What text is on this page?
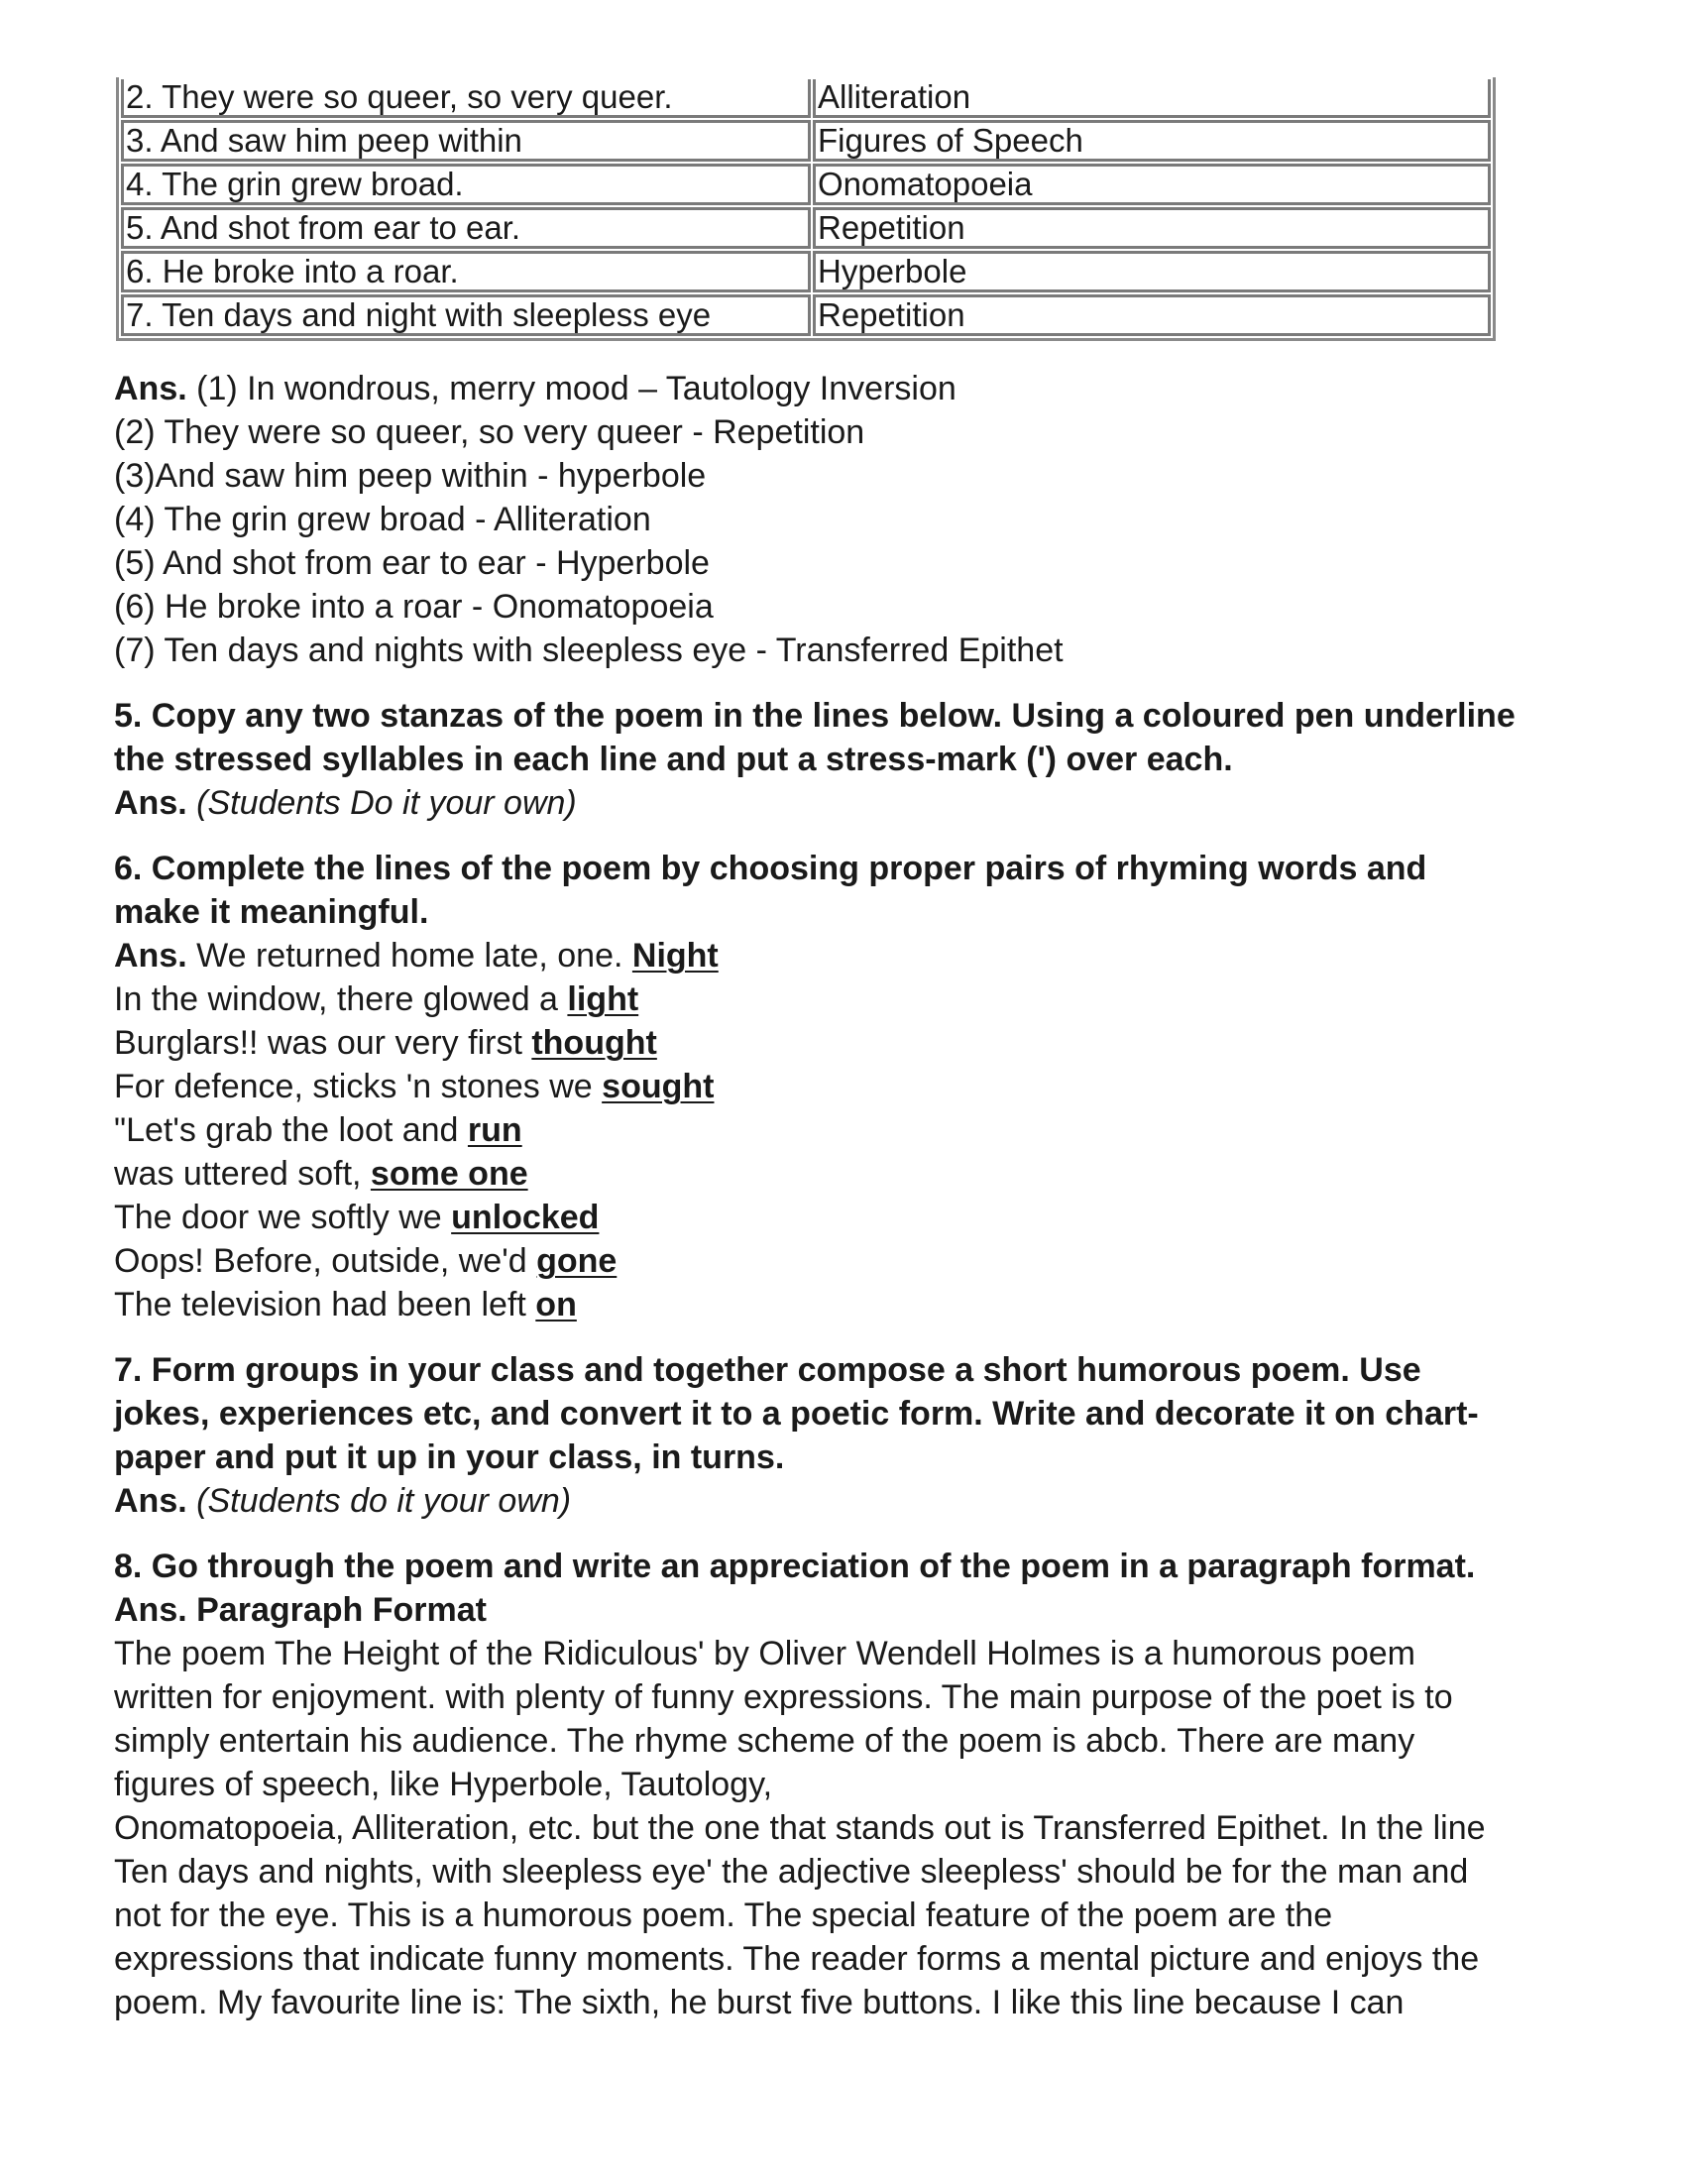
2. They were so queer, so very queer.	Alliteration
3. And saw him peep within	Figures of Speech
4. The grin grew broad.	Onomatopoeia
5. And shot from ear to ear.	Repetition
6. He broke into a roar.	Hyperbole
7. Ten days and night with sleepless eye	Repetition
Ans. (1) In wondrous, merry mood – Tautology Inversion
(2) They were so queer, so very queer - Repetition
(3)And saw him peep within - hyperbole
(4) The grin grew broad - Alliteration
(5) And shot from ear to ear - Hyperbole
(6) He broke into a roar - Onomatopoeia
(7) Ten days and nights with sleepless eye - Transferred Epithet
5. Copy any two stanzas of the poem in the lines below. Using a coloured pen underline
the stressed syllables in each line and put a stress-mark (') over each.
Ans. (Students Do it your own)
6. Complete the lines of the poem by choosing proper pairs of rhyming words and
make it meaningful.
Ans. We returned home late, one. Night
In the window, there glowed a light
Burglars!! was our very first thought
For defence, sticks 'n stones we sought
"Let's grab the loot and run
was uttered soft, some one
The door we softly we unlocked
Oops! Before, outside, we'd gone
The television had been left on
7. Form groups in your class and together compose a short humorous poem. Use
jokes, experiences etc, and convert it to a poetic form. Write and decorate it on chart-
paper and put it up in your class, in turns.
Ans. (Students do it your own)
8. Go through the poem and write an appreciation of the poem in a paragraph format.
Ans. Paragraph Format
The poem The Height of the Ridiculous' by Oliver Wendell Holmes is a humorous poem
written for enjoyment. with plenty of funny expressions. The main purpose of the poet is to
simply entertain his audience. The rhyme scheme of the poem is abcb. There are many
figures of speech, like Hyperbole, Tautology,
Onomatopoeia, Alliteration, etc. but the one that stands out is Transferred Epithet. In the line
Ten days and nights, with sleepless eye' the adjective sleepless' should be for the man and
not for the eye. This is a humorous poem. The special feature of the poem are the
expressions that indicate funny moments. The reader forms a mental picture and enjoys the
poem. My favourite line is: The sixth, he burst five buttons. I like this line because I can
